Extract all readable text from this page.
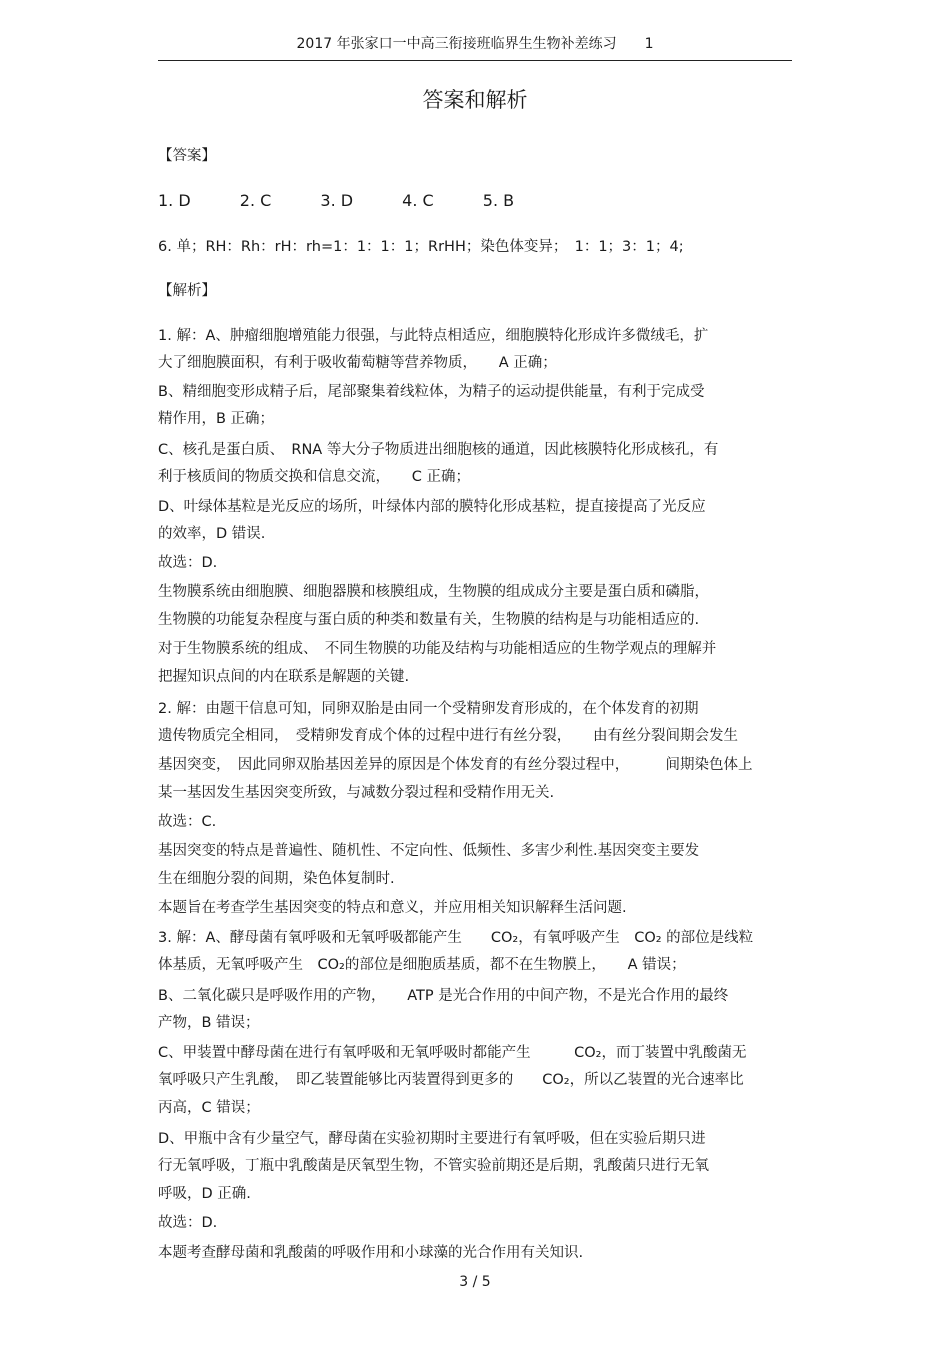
2017 年张家口一中高三衔接班临界生生物补差练习　　1
答案和解析
【答案】
1. D	2. C	3. D	4. C	5. B
6. 单；RH：Rh：rH：rh=1：1：1：1；RrHH；染色体变异；　1：1；3：1；4;
【解析】
1. 解：A、肿瘤细胞增殖能力很强，与此特点相适应，细胞膜特化形成许多微绒毛，扩
大了细胞膜面积，有利于吸收葡萄糖等营养物质，　　A 正确；
B、精细胞变形成精子后，尾部聚集着线粒体，为精子的运动提供能量，有利于完成受
精作用，B 正确；
C、核孔是蛋白质、　RNA 等大分子物质进出细胞核的通道，因此核膜特化形成核孔，有
利于核质间的物质交换和信息交流，　　C 正确；
D、叶绿体基粒是光反应的场所，叶绿体内部的膜特化形成基粒，提直接提高了光反应
的效率，D 错误.
故选：D.
生物膜系统由细胞膜、细胞器膜和核膜组成，生物膜的组成成分主要是蛋白质和磷脂，
生物膜的功能复杂程度与蛋白质的种类和数量有关，生物膜的结构是与功能相适应的.
对于生物膜系统的组成、　不同生物膜的功能及结构与功能相适应的生物学观点的理解并
把握知识点间的内在联系是解题的关键.
2. 解：由题干信息可知，同卵双胎是由同一个受精卵发育形成的，在个体发育的初期
遗传物质完全相同，　受精卵发育成个体的过程中进行有丝分裂，　　由有丝分裂间期会发生
基因突变，　因此同卵双胎基因差异的原因是个体发育的有丝分裂过程中，　　　间期染色体上
某一基因发生基因突变所致，与减数分裂过程和受精作用无关.
故选：C.
基因突变的特点是普遍性、随机性、不定向性、低频性、多害少利性.基因突变主要发
生在细胞分裂的间期，染色体复制时.
本题旨在考查学生基因突变的特点和意义，并应用相关知识解释生活问题.
3. 解：A、酵母菌有氧呼吸和无氧呼吸都能产生　　CO₂，有氧呼吸产生　CO₂ 的部位是线粒
体基质，无氧呼吸产生　CO₂的部位是细胞质基质，都不在生物膜上，　　A 错误；
B、二氧化碳只是呼吸作用的产物，　　ATP 是光合作用的中间产物，不是光合作用的最终
产物，B 错误；
C、甲装置中酵母菌在进行有氧呼吸和无氧呼吸时都能产生　　　CO₂，而丁装置中乳酸菌无
氧呼吸只产生乳酸，　即乙装置能够比丙装置得到更多的　　CO₂，所以乙装置的光合速率比
丙高，C 错误；
D、甲瓶中含有少量空气，酵母菌在实验初期时主要进行有氧呼吸，但在实验后期只进
行无氧呼吸，丁瓶中乳酸菌是厌氧型生物，不管实验前期还是后期，乳酸菌只进行无氧
呼吸，D 正确.
故选：D.
本题考查酵母菌和乳酸菌的呼吸作用和小球藻的光合作用有关知识.
3 / 5
